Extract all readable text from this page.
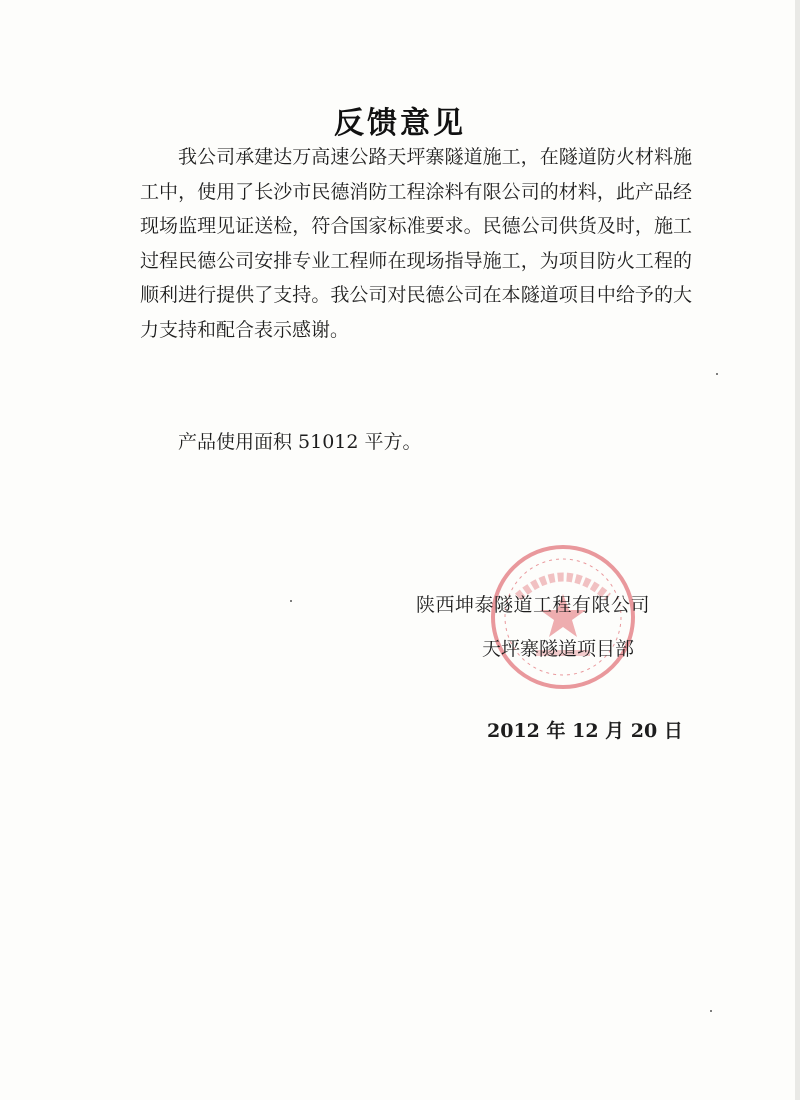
反馈意见

我公司承建达万高速公路天坪寨隧道施工，在隧道防火材料施工中，使用了长沙市民德消防工程涂料有限公司的材料，此产品经现场监理见证送检，符合国家标准要求。民德公司供货及时，施工过程民德公司安排专业工程师在现场指导施工，为项目防火工程的顺利进行提供了支持。我公司对民德公司在本隧道项目中给予的大力支持和配合表示感谢。

产品使用面积 51012 平方。
陕西坤泰隧道工程有限公司
天坪寨隧道项目部
2012 年 12 月 20 日
